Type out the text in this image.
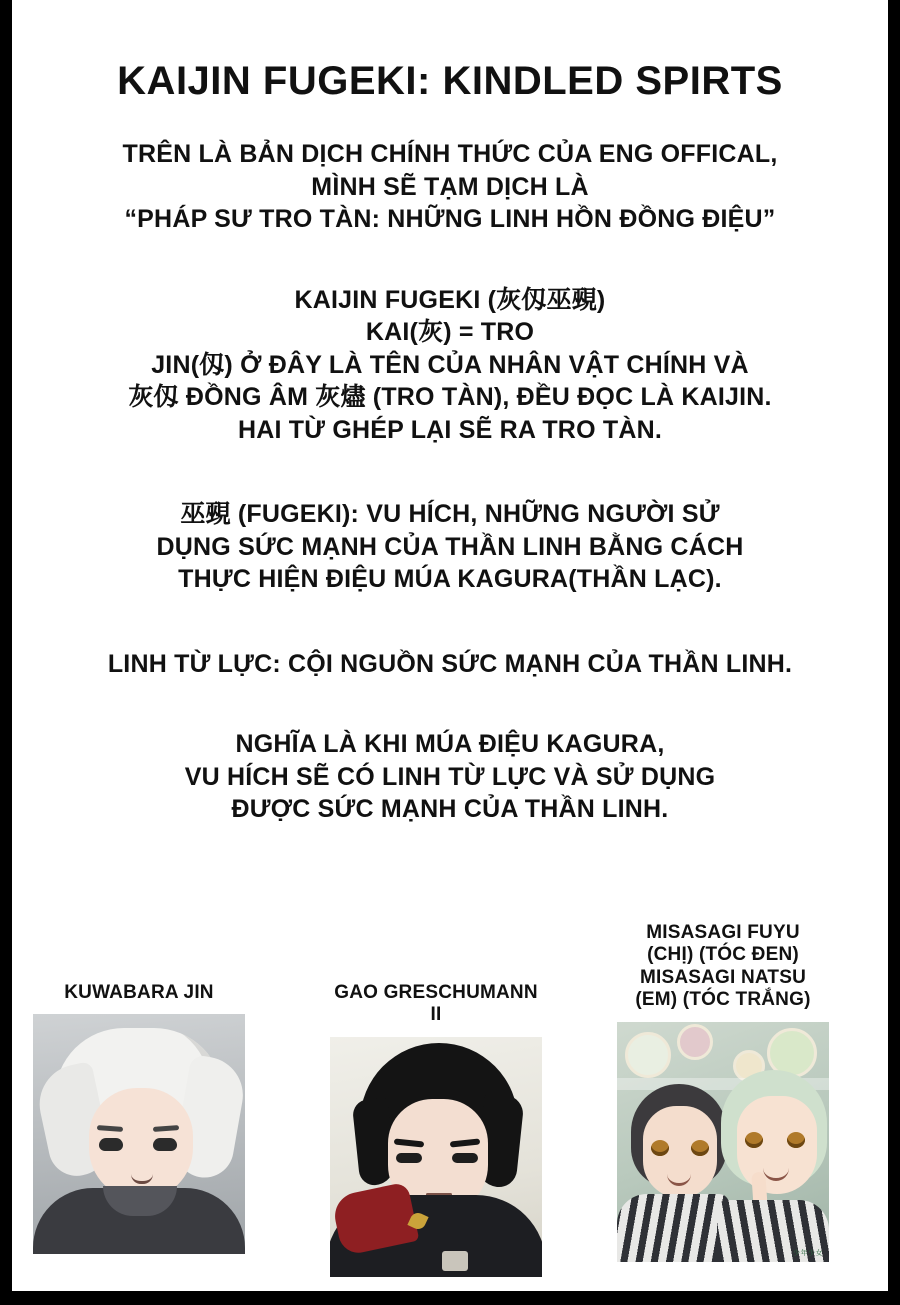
KAIJIN FUGEKI: KINDLED SPIRTS
TRÊN LÀ BẢN DỊCH CHÍNH THỨC CỦA ENG OFFICAL,
MÌNH SẼ TẠM DỊCH LÀ
“PHÁP SƯ TRO TÀN: NHỮNG LINH HỒN ĐỒNG ĐIỆU”
KAIJIN FUGEKI (灰仭巫覡)
KAI(灰) = TRO
JIN(仭) Ở ĐÂY LÀ TÊN CỦA NHÂN VẬT CHÍNH VÀ
灰仭 ĐỒNG ÂM 灰燼 (TRO TÀN), ĐỀU ĐỌC LÀ KAIJIN.
HAI TỪ GHÉP LẠI SẼ RA TRO TÀN.
巫覡 (FUGEKI): VU HÍCH, NHỮNG NGƯỜI SỬ
DỤNG SỨC MẠNH CỦA THẦN LINH BẰNG CÁCH
THỰC HIỆN ĐIỆU MÚA KAGURA(THẦN LẠC).
LINH TỪ LỰC: CỘI NGUỒN SỨC MẠNH CỦA THẦN LINH.
NGHĨA LÀ KHI MÚA ĐIỆU KAGURA,
VU HÍCH SẼ CÓ LINH TỪ LỰC VÀ SỬ DỤNG
ĐƯỢC SỨC MẠNH CỦA THẦN LINH.
KUWABARA JIN	GAO GRESCHUMANN II
MISASAGI FUYU
(CHỊ) (TÓC ĐEN)
MISASAGI NATSU
(EM) (TÓC TRẮNG)
少年少女
